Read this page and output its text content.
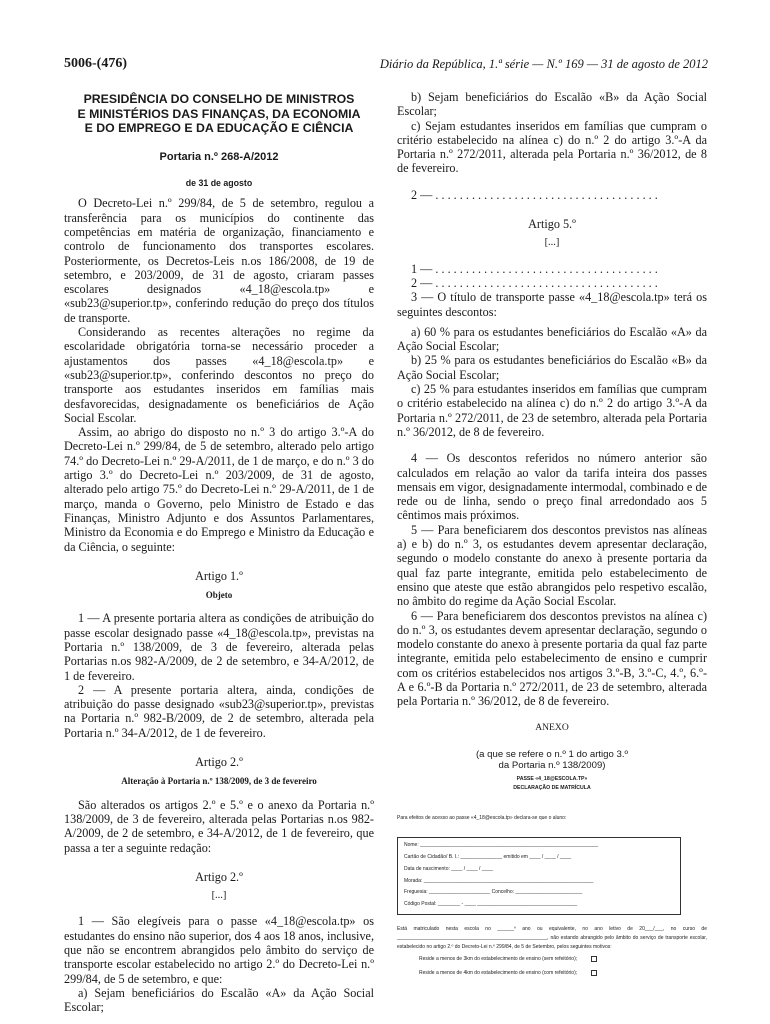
5006-(476)	Diário da República, 1.ª série — N.º 169 — 31 de agosto de 2012
PRESIDÊNCIA DO CONSELHO DE MINISTROS
E MINISTÉRIOS DAS FINANÇAS, DA ECONOMIA
E DO EMPREGO E DA EDUCAÇÃO E CIÊNCIA
Portaria n.º 268-A/2012
de 31 de agosto

O Decreto-Lei n.º 299/84, de 5 de setembro, regulou a transferência para os municípios do continente das competências em matéria de organização, financiamento e controlo de funcionamento dos transportes escolares. Posteriormente, os Decretos-Leis n.os 186/2008, de 19 de setembro, e 203/2009, de 31 de agosto, criaram passes escolares designados «4_18@escola.tp» e «sub23@superior.tp», conferindo redução do preço dos títulos de transporte.

Considerando as recentes alterações no regime da escolaridade obrigatória torna-se necessário proceder a ajustamentos dos passes «4_18@escola.tp» e «sub23@superior.tp», conferindo descontos no preço do transporte aos estudantes inseridos em famílias mais desfavorecidas, designadamente os beneficiários de Ação Social Escolar.

Assim, ao abrigo do disposto no n.º 3 do artigo 3.º-A do Decreto-Lei n.º 299/84, de 5 de setembro, alterado pelo artigo 74.º do Decreto-Lei n.º 29-A/2011, de 1 de março, e do n.º 3 do artigo 3.º do Decreto-Lei n.º 203/2009, de 31 de agosto, alterado pelo artigo 75.º do Decreto-Lei n.º 29-A/2011, de 1 de março, manda o Governo, pelo Ministro de Estado e das Finanças, Ministro Adjunto e dos Assuntos Parlamentares, Ministro da Economia e do Emprego e Ministro da Educação e da Ciência, o seguinte:

Artigo 1.º
Objeto

1 — A presente portaria altera as condições de atribuição do passe escolar designado passe «4_18@escola.tp», previstas na Portaria n.º 138/2009, de 3 de fevereiro, alterada pelas Portarias n.os 982-A/2009, de 2 de setembro, e 34-A/2012, de 1 de fevereiro.

2 — A presente portaria altera, ainda, condições de atribuição do passe designado «sub23@superior.tp», previstas na Portaria n.º 982-B/2009, de 2 de setembro, alterada pela Portaria n.º 34-A/2012, de 1 de fevereiro.

Artigo 2.º
Alteração à Portaria n.º 138/2009, de 3 de fevereiro

São alterados os artigos 2.º e 5.º e o anexo da Portaria n.º 138/2009, de 3 de fevereiro, alterada pelas Portarias n.os 982-A/2009, de 2 de setembro, e 34-A/2012, de 1 de fevereiro, que passa a ter a seguinte redação:

Artigo 2.º
[...]

1 — São elegíveis para o passe «4_18@escola.tp» os estudantes do ensino não superior, dos 4 aos 18 anos, inclusive, que não se encontrem abrangidos pelo âmbito do serviço de transporte escolar estabelecido no artigo 2.º do Decreto-Lei n.º 299/84, de 5 de setembro, e que:

a) Sejam beneficiários do Escalão «A» da Ação Social Escolar;

b) Sejam beneficiários do Escalão «B» da Ação Social Escolar;

c) Sejam estudantes inseridos em famílias que cumpram o critério estabelecido na alínea c) do n.º 2 do artigo 3.º-A da Portaria n.º 272/2011, alterada pela Portaria n.º 36/2012, de 8 de fevereiro.

2 — . . . . . . . . . . . . . . . . . . . . . . . . . . . . . . . . . . . . .

Artigo 5.º
[...]

1 — . . . . . . . . . . . . . . . . . . . . . . . . . . . . . . . . . . . . .

2 — . . . . . . . . . . . . . . . . . . . . . . . . . . . . . . . . . . . . .

3 — O título de transporte passe «4_18@escola.tp» terá os seguintes descontos:

a) 60 % para os estudantes beneficiários do Escalão «A» da Ação Social Escolar;

b) 25 % para os estudantes beneficiários do Escalão «B» da Ação Social Escolar;

c) 25 % para estudantes inseridos em famílias que cumpram o critério estabelecido na alínea c) do n.º 2 do artigo 3.º-A da Portaria n.º 272/2011, de 23 de setembro, alterada pela Portaria n.º 36/2012, de 8 de fevereiro.

4 — Os descontos referidos no número anterior são calculados em relação ao valor da tarifa inteira dos passes mensais em vigor, designadamente intermodal, combinado e de rede ou de linha, sendo o preço final arredondado aos 5 cêntimos mais próximos.

5 — Para beneficiarem dos descontos previstos nas alíneas a) e b) do n.º 3, os estudantes devem apresentar declaração, segundo o modelo constante do anexo à presente portaria da qual faz parte integrante, emitida pelo estabelecimento de ensino que ateste que estão abrangidos pelo respetivo escalão, no âmbito do regime da Ação Social Escolar.

6 — Para beneficiarem dos descontos previstos na alínea c) do n.º 3, os estudantes devem apresentar declaração, segundo o modelo constante do anexo à presente portaria da qual faz parte integrante, emitida pelo estabelecimento de ensino e cumprir com os critérios estabelecidos nos artigos 3.º-B, 3.º-C, 4.º, 6.º-A e 6.º-B da Portaria n.º 272/2011, de 23 de setembro, alterada pela Portaria n.º 36/2012, de 8 de fevereiro.

ANEXO
(a que se refere o n.º 1 do artigo 3.º
da Portaria n.º 138/2009)
PASSE «4_18@ESCOLA.TP»
DECLARAÇÃO DE MATRÍCULA
Para efeitos de acesso ao passe «4_18@escola.tp» declara-se que o aluno:
Nome: ________________________________________________________________
Cartão de Cidadão/ B. I.: _______________ emitido em ____ / ____ / ____
Data de nascimento: ____ / ____ / ____
Morada: _____________________________________________________________
Freguesia: ______________________ Concelho: ________________________
Código Postal: ________ - ____ ____________________________________
Está matriculado nesta escola no ______º ano ou equivalente, no ano letivo de 20___/___, no curso de ______________________________________________________, não estando abrangido pelo âmbito do serviço de transporte escolar, estabelecido no artigo 2.º do Decreto-Lei n.º 299/84, de 5 de Setembro, pelos seguintes motivos:
Reside a menos de 3km do estabelecimento de ensino (sem refeitório);
Reside a menos de 4km do estabelecimento de ensino (com refeitório);
